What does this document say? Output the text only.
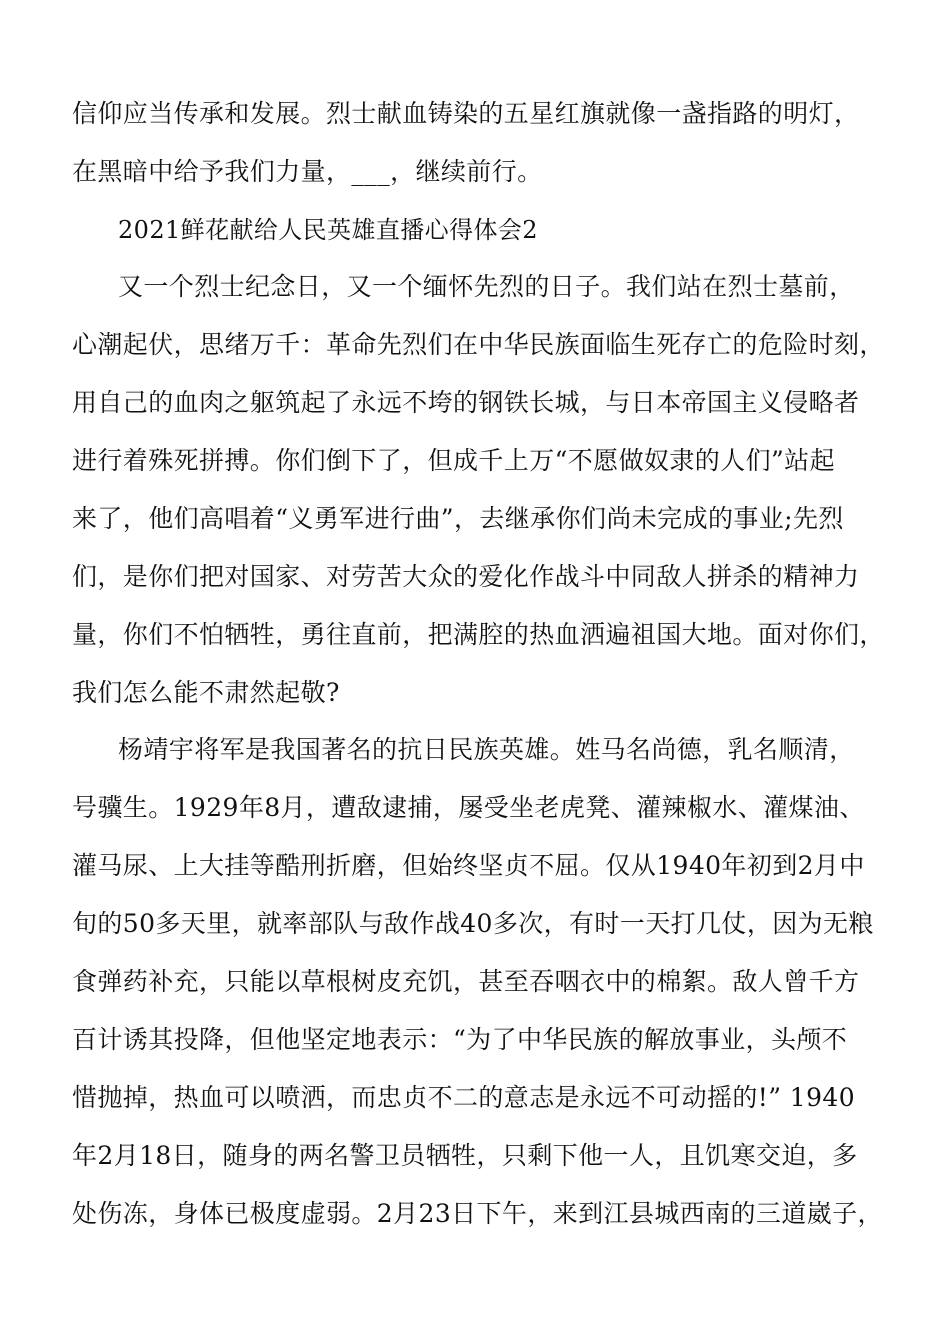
信仰应当传承和发展。烈士献血铸染的五星红旗就像一盏指路的明灯，
在黑暗中给予我们力量，___，继续前行。
2021鲜花献给人民英雄直播心得体会2
又一个烈士纪念日，又一个缅怀先烈的日子。我们站在烈士墓前，
心潮起伏，思绪万千：革命先烈们在中华民族面临生死存亡的危险时刻，
用自己的血肉之躯筑起了永远不垮的钢铁长城，与日本帝国主义侵略者
进行着殊死拼搏。你们倒下了，但成千上万“不愿做奴隶的人们”站起
来了，他们高唱着“义勇军进行曲”，去继承你们尚未完成的事业;先烈
们，是你们把对国家、对劳苦大众的爱化作战斗中同敌人拼杀的精神力
量，你们不怕牺牲，勇往直前，把满腔的热血洒遍祖国大地。面对你们，
我们怎么能不肃然起敬?
杨靖宇将军是我国著名的抗日民族英雄。姓马名尚德，乳名顺清，
号骥生。1929年8月，遭敌逮捕，屡受坐老虎凳、灌辣椒水、灌煤油、
灌马尿、上大挂等酷刑折磨，但始终坚贞不屈。仅从1940年初到2月中
旬的50多天里，就率部队与敌作战40多次，有时一天打几仗，因为无粮
食弹药补充，只能以草根树皮充饥，甚至吞咽衣中的棉絮。敌人曾千方
百计诱其投降，但他坚定地表示：“为了中华民族的解放事业，头颅不
惜抛掉，热血可以喷洒，而忠贞不二的意志是永远不可动摇的!” 1940
年2月18日，随身的两名警卫员牺牲，只剩下他一人，且饥寒交迫，多
处伤冻，身体已极度虚弱。2月23日下午，来到江县城西南的三道崴子，
